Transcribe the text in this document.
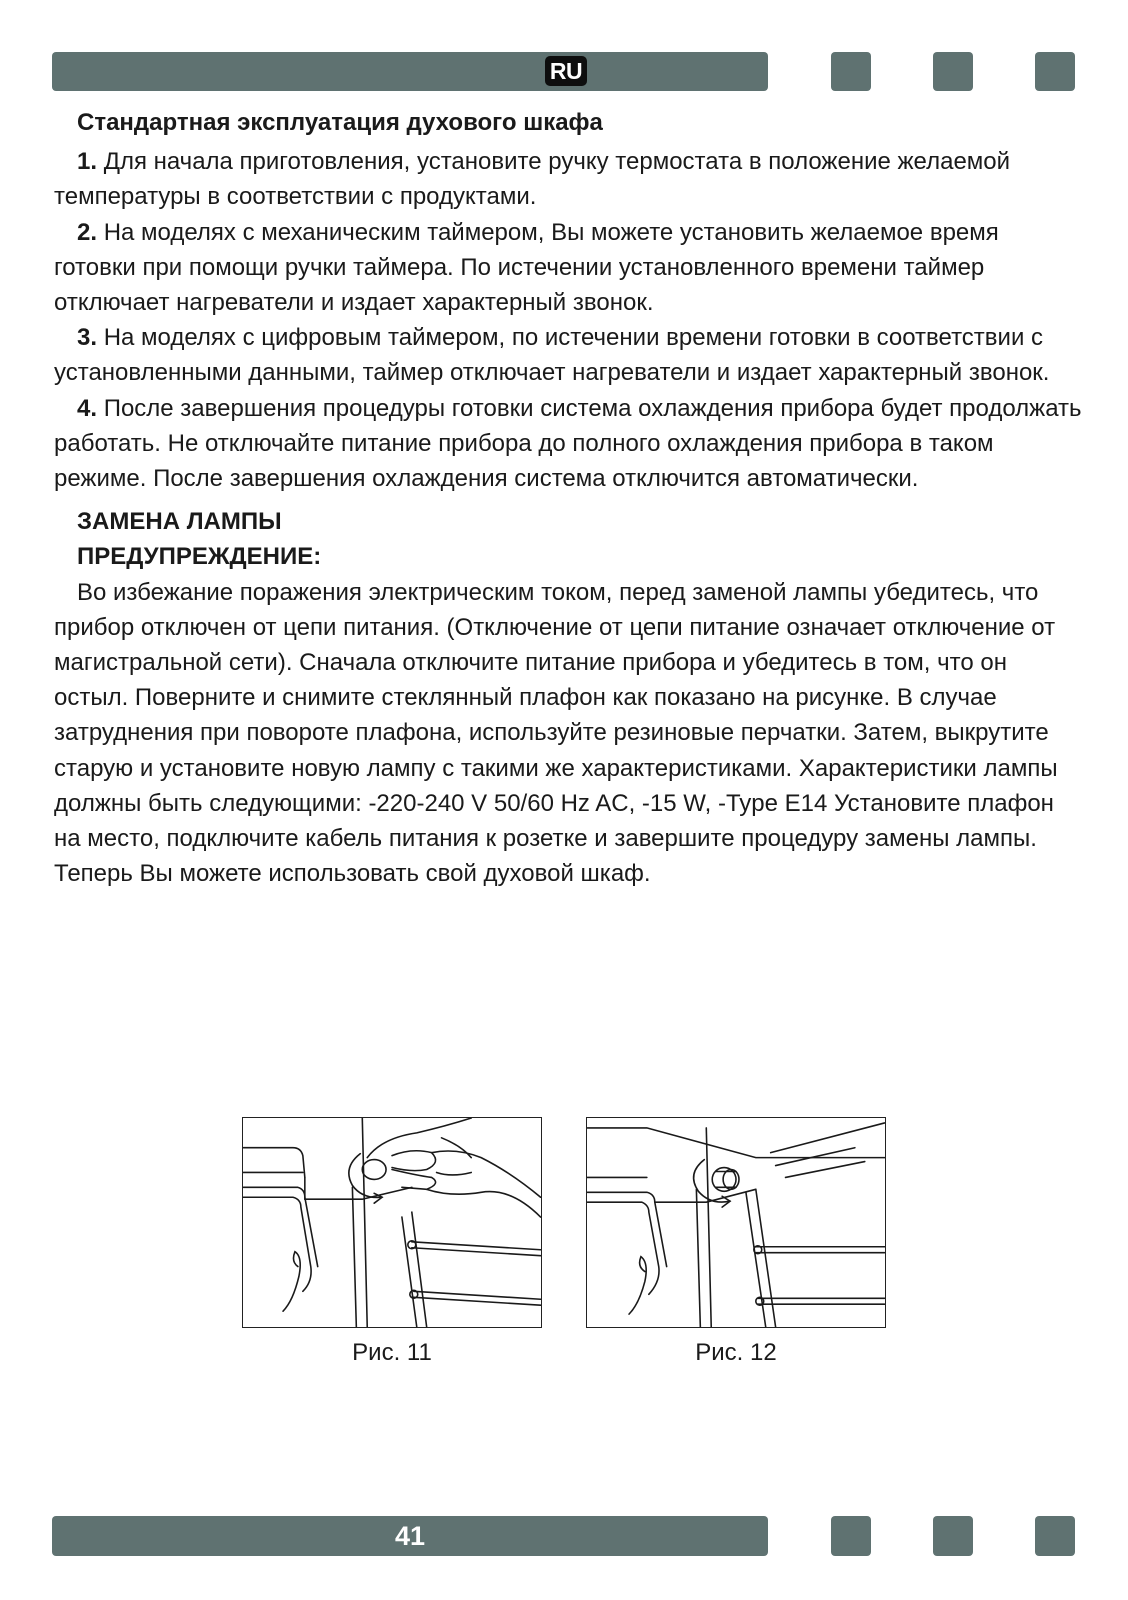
RU

Стандартная эксплуатация духового шкафа

1. Для начала приготовления, установите ручку термостата в положение желаемой температуры в соответствии с продуктами.

2. На моделях с механическим таймером, Вы можете установить желаемое время готовки при помощи ручки таймера. По истечении установленного времени таймер отключает нагреватели и издает характерный звонок.

3. На моделях с цифровым таймером, по истечении времени готовки в соответствии с установленными данными, таймер отключает нагреватели и издает характерный звонок.

4. После завершения процедуры готовки система охлаждения прибора будет продолжать работать. Не отключайте питание прибора до полного охлаждения прибора в таком режиме. После завершения охлаждения система отключится автоматически.

ЗАМЕНА ЛАМПЫ

ПРЕДУПРЕЖДЕНИЕ:

Во избежание поражения электрическим током, перед заменой лампы убедитесь, что прибор отключен от цепи питания. (Отключение от цепи питание означает отключение от магистральной сети). Сначала отключите питание прибора и убедитесь в том, что он остыл. Поверните и снимите стеклянный плафон как показано на рисунке. В случае затруднения при повороте плафона, используйте резиновые перчатки. Затем, выкрутите старую и установите новую лампу с такими же характеристиками. Характеристики лампы должны быть следующими: -220-240 V 50/60 Hz AC, -15 W, -Type E14 Установите плафон на место, подключите кабель питания к розетке и завершите процедуру замены лампы. Теперь Вы можете использовать свой духовой шкаф.

Рис. 11	Рис. 12
41
